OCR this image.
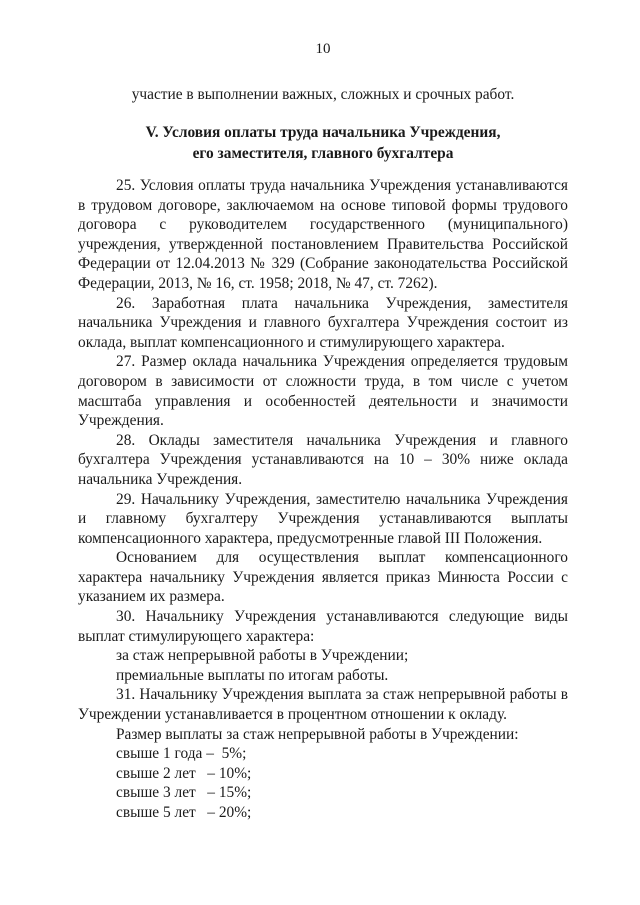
10
участие в выполнении важных, сложных и срочных работ.
V. Условия оплаты труда начальника Учреждения,
его заместителя, главного бухгалтера

25. Условия оплаты труда начальника Учреждения устанавливаются в трудовом договоре, заключаемом на основе типовой формы трудового договора с руководителем государственного (муниципального) учреждения, утвержденной постановлением Правительства Российской Федерации от 12.04.2013 № 329 (Собрание законодательства Российской Федерации, 2013, № 16, ст. 1958; 2018, № 47, ст. 7262).

26. Заработная плата начальника Учреждения, заместителя начальника Учреждения и главного бухгалтера Учреждения состоит из оклада, выплат компенсационного и стимулирующего характера.

27. Размер оклада начальника Учреждения определяется трудовым договором в зависимости от сложности труда, в том числе с учетом масштаба управления и особенностей деятельности и значимости Учреждения.

28. Оклады заместителя начальника Учреждения и главного бухгалтера Учреждения устанавливаются на 10 – 30% ниже оклада начальника Учреждения.

29. Начальнику Учреждения, заместителю начальника Учреждения и главному бухгалтеру Учреждения устанавливаются выплаты компенсационного характера, предусмотренные главой III Положения.

Основанием для осуществления выплат компенсационного характера начальнику Учреждения является приказ Минюста России с указанием их размера.

30. Начальнику Учреждения устанавливаются следующие виды выплат стимулирующего характера:

за стаж непрерывной работы в Учреждении;

премиальные выплаты по итогам работы.

31. Начальнику Учреждения выплата за стаж непрерывной работы в Учреждении устанавливается в процентном отношении к окладу.

Размер выплаты за стаж непрерывной работы в Учреждении:

свыше 1 года –  5%;

свыше 2 лет   – 10%;

свыше 3 лет   – 15%;

свыше 5 лет   – 20%;
